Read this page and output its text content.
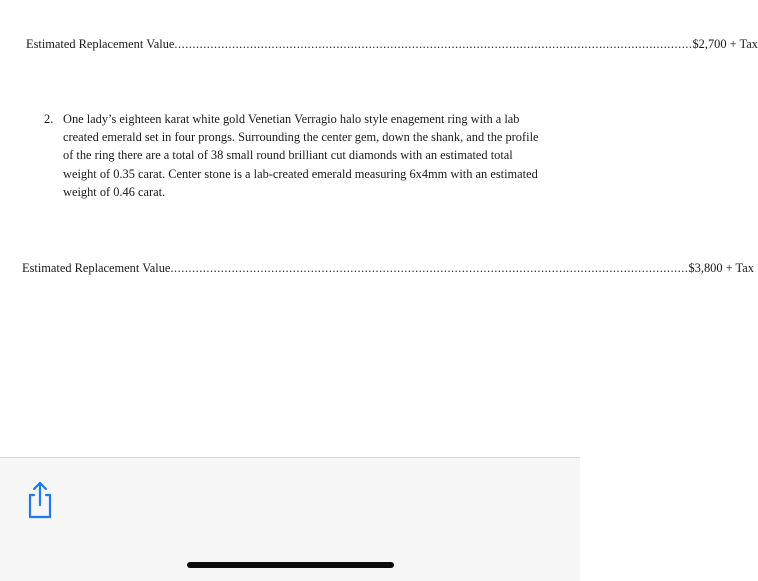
Estimated Replacement Value ................................................................................................................................................ $2,700 + Tax
2. One lady’s eighteen karat white gold Venetian Verragio halo style enagement ring with a lab created emerald set in four prongs. Surrounding the center gem, down the shank, and the profile of the ring there are a total of 38 small round brilliant cut diamonds with an estimated total weight of 0.35 carat. Center stone is a lab-created emerald measuring 6x4mm with an estimated weight of 0.46 carat.
Estimated Replacement Value ................................................................................................................................................ $3,800 + Tax
